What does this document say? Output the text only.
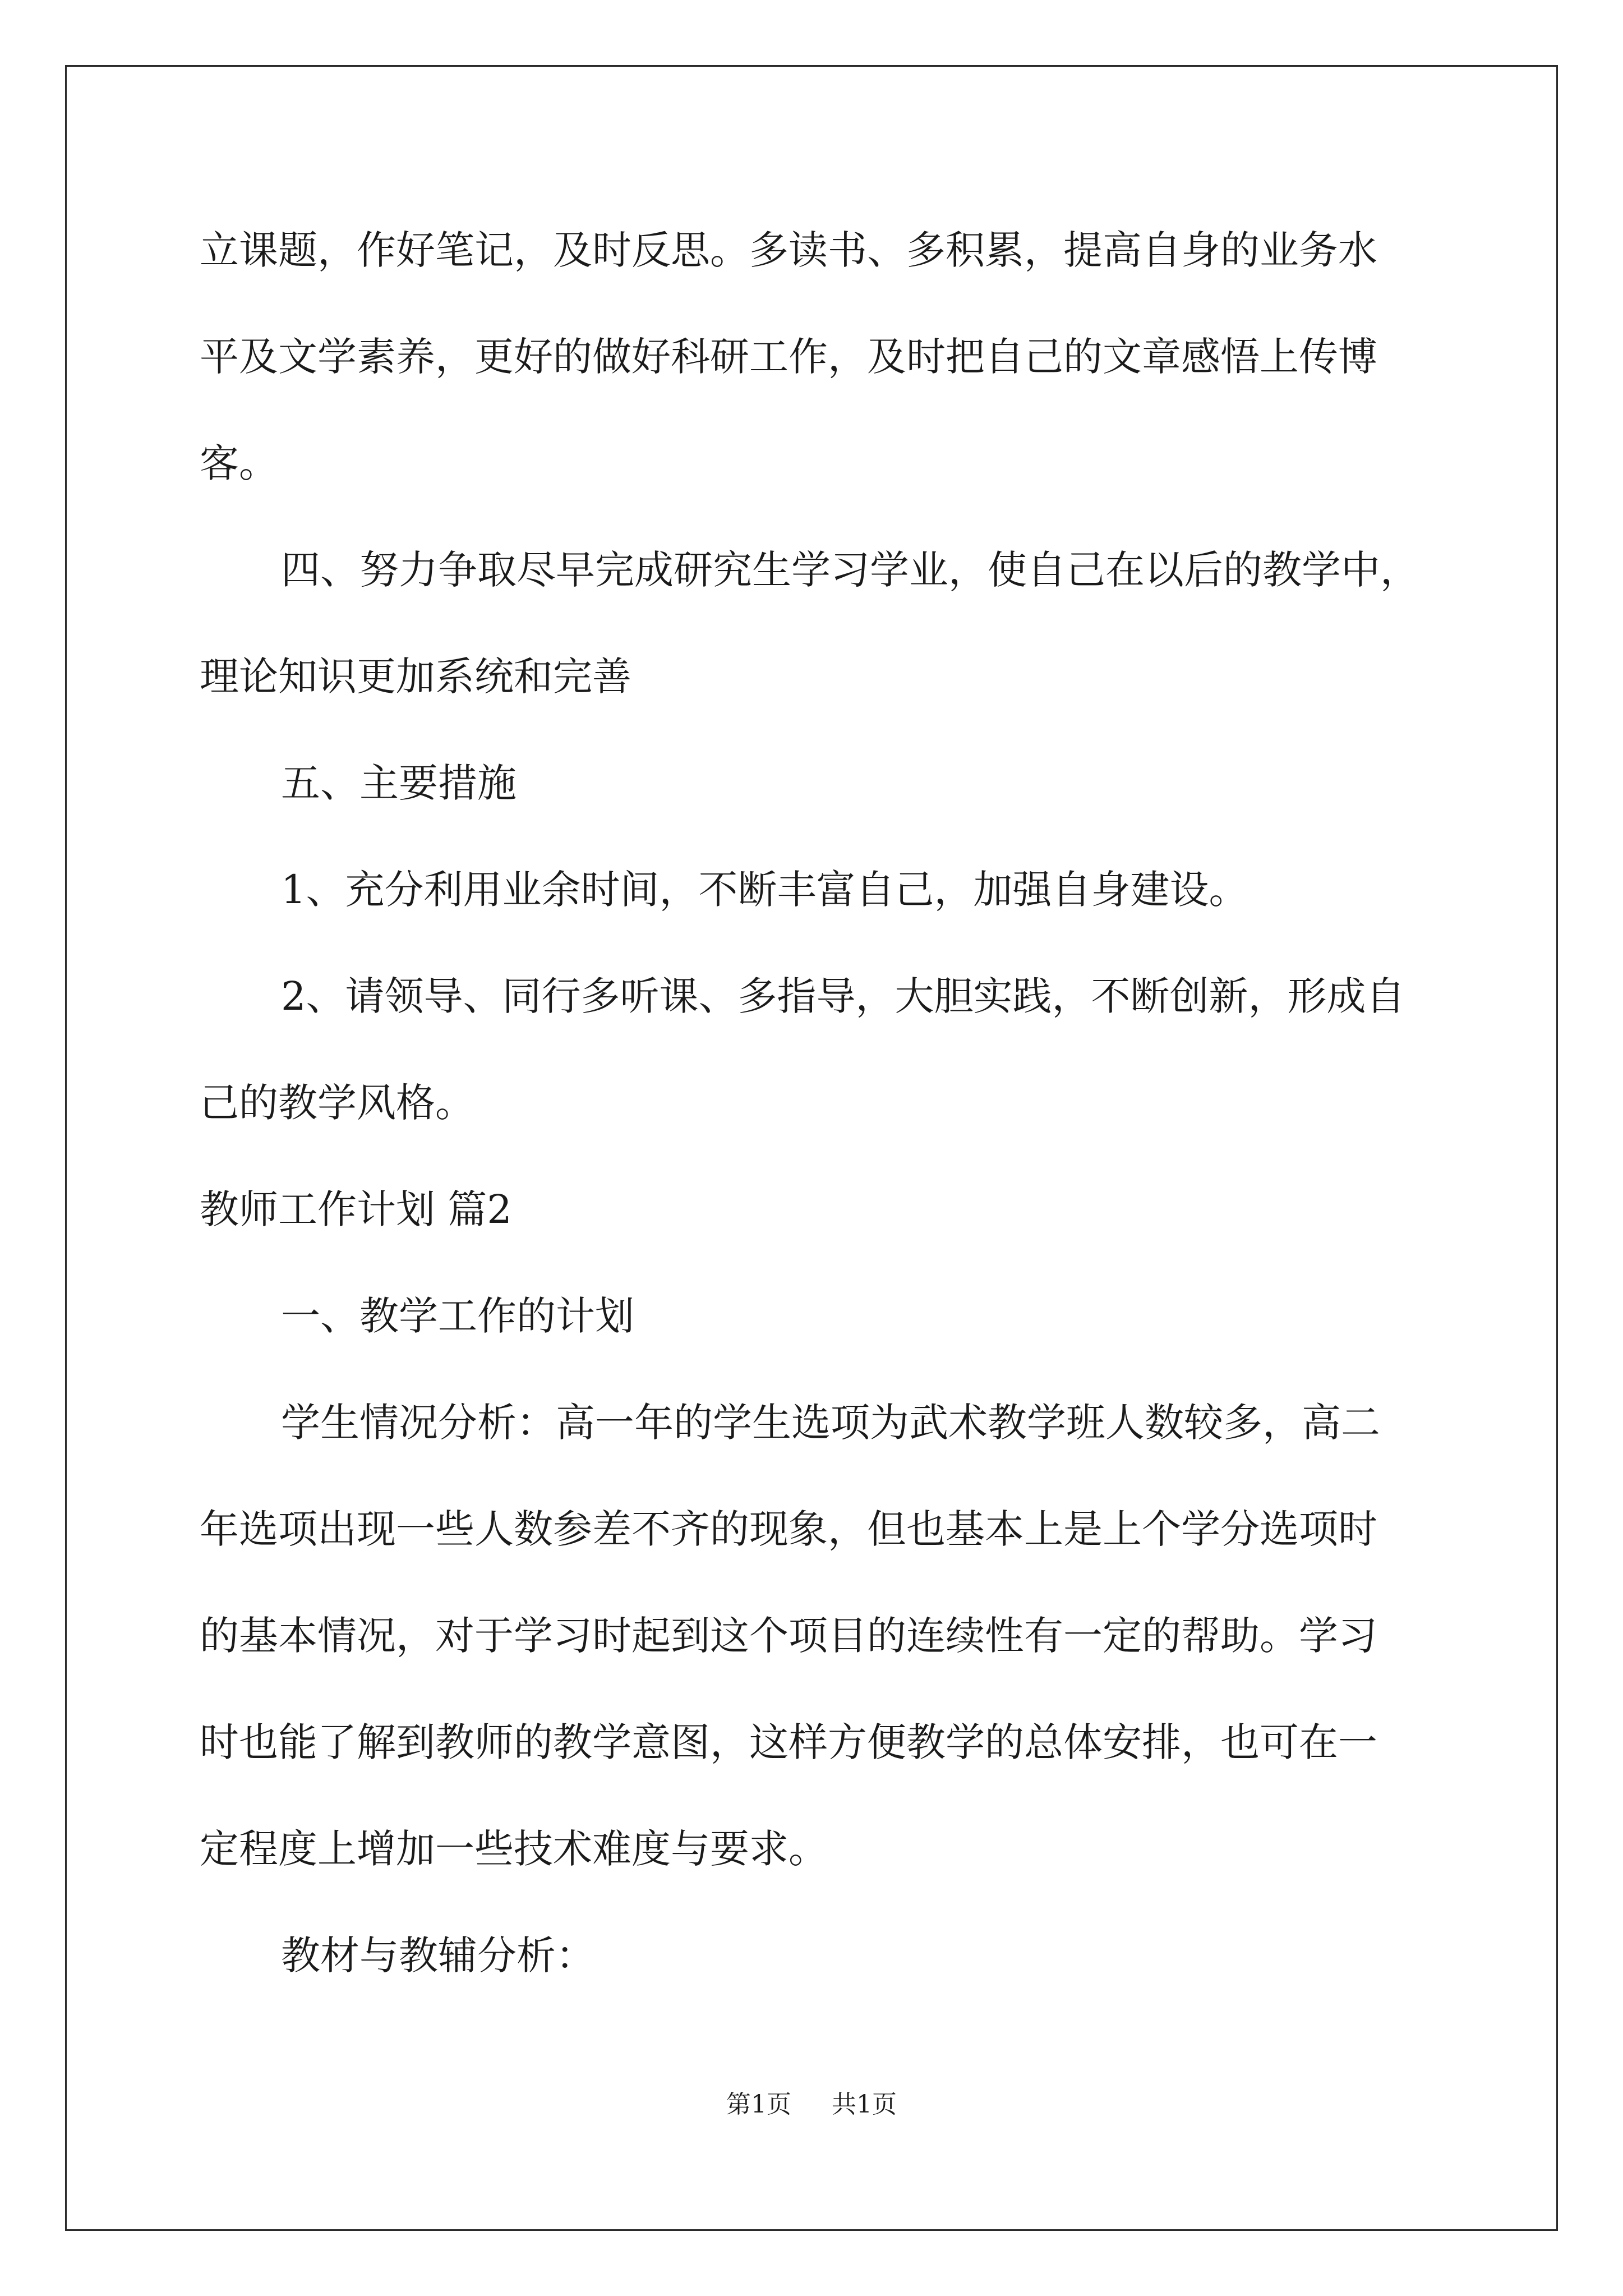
立课题，作好笔记，及时反思。多读书、多积累，提高自身的业务水
平及文学素养，更好的做好科研工作，及时把自己的文章感悟上传博
客。
四、努力争取尽早完成研究生学习学业，使自己在以后的教学中，
理论知识更加系统和完善
五、主要措施
1、充分利用业余时间，不断丰富自己，加强自身建设。
2、请领导、同行多听课、多指导，大胆实践，不断创新，形成自
己的教学风格。
教师工作计划 篇2
一、教学工作的计划
学生情况分析：高一年的学生选项为武术教学班人数较多，高二
年选项出现一些人数参差不齐的现象，但也基本上是上个学分选项时
的基本情况，对于学习时起到这个项目的连续性有一定的帮助。学习
时也能了解到教师的教学意图，这样方便教学的总体安排，也可在一
定程度上增加一些技术难度与要求。
教材与教辅分析：
第1页 共1页
